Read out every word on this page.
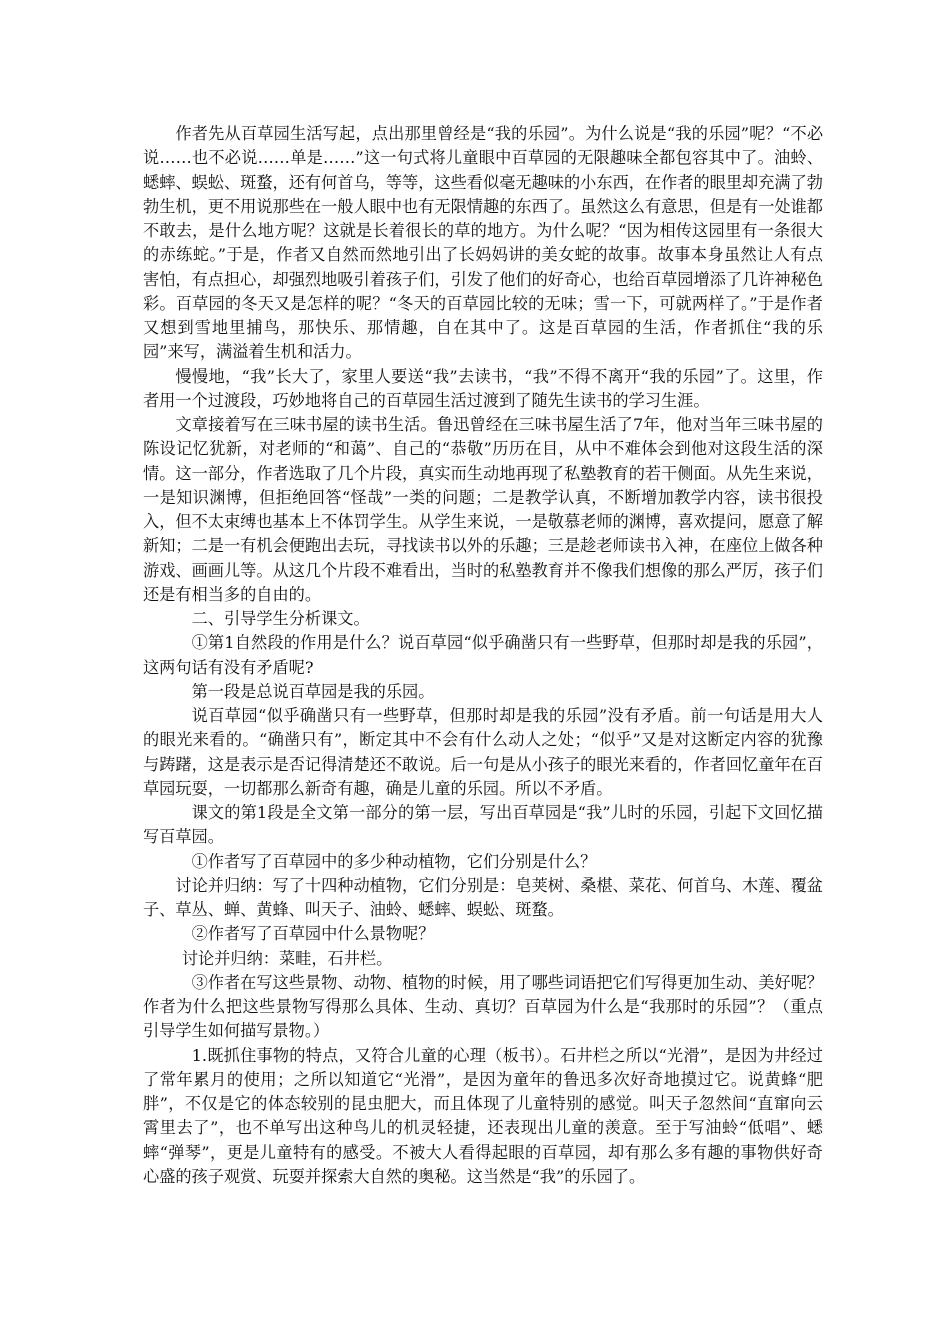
作者先从百草园生活写起，点出那里曾经是“我的乐园”。为什么说是“我的乐园”呢？“不必说……也不必说……单是……”这一句式将儿童眼中百草园的无限趣味全都包容其中了。油蛉、蟋蟀、蜈蚣、斑蝥，还有何首乌，等等，这些看似毫无趣味的小东西，在作者的眼里却充满了勃勃生机，更不用说那些在一般人眼中也有无限情趣的东西了。虽然这么有意思，但是有一处谁都不敢去，是什么地方呢？这就是长着很长的草的地方。为什么呢？“因为相传这园里有一条很大的赤练蛇。”于是，作者又自然而然地引出了长妈妈讲的美女蛇的故事。故事本身虽然让人有点害怕，有点担心，却强烈地吸引着孩子们，引发了他们的好奇心，也给百草园增添了几许神秘色彩。百草园的冬天又是怎样的呢？“冬天的百草园比较的无味；雪一下，可就两样了。”于是作者又想到雪地里捕鸟，那快乐、那情趣，自在其中了。这是百草园的生活，作者抓住“我的乐园”来写，满溢着生机和活力。

慢慢地，“我”长大了，家里人要送“我”去读书，“我”不得不离开“我的乐园”了。这里，作者用一个过渡段，巧妙地将自己的百草园生活过渡到了随先生读书的学习生涯。

文章接着写在三味书屋的读书生活。鲁迅曾经在三味书屋生活了7年，他对当年三味书屋的陈设记忆犹新，对老师的“和蔼”、自己的“恭敬”历历在目，从中不难体会到他对这段生活的深情。这一部分，作者选取了几个片段，真实而生动地再现了私塾教育的若干侧面。从先生来说，一是知识渊博，但拒绝回答“怪哉”一类的问题；二是教学认真，不断增加教学内容，读书很投入，但不太束缚也基本上不体罚学生。从学生来说，一是敬慕老师的渊博，喜欢提问，愿意了解新知；二是一有机会便跑出去玩，寻找读书以外的乐趣；三是趁老师读书入神，在座位上做各种游戏、画画儿等。从这几个片段不难看出，当时的私塾教育并不像我们想像的那么严厉，孩子们还是有相当多的自由的。

二、引导学生分析课文。

①第1自然段的作用是什么？说百草园“似乎确凿只有一些野草，但那时却是我的乐园”，这两句话有没有矛盾呢?

第一段是总说百草园是我的乐园。

说百草园“似乎确凿只有一些野草，但那时却是我的乐园”没有矛盾。前一句话是用大人的眼光来看的。“确凿只有”，断定其中不会有什么动人之处；“似乎”又是对这断定内容的犹豫与踌躇，这是表示是否记得清楚还不敢说。后一句是从小孩子的眼光来看的，作者回忆童年在百草园玩耍，一切都那么新奇有趣，确是儿童的乐园。所以不矛盾。

课文的第1段是全文第一部分的第一层，写出百草园是“我”儿时的乐园，引起下文回忆描写百草园。

①作者写了百草园中的多少种动植物，它们分别是什么？

讨论并归纳：写了十四种动植物，它们分别是：皂荚树、桑椹、菜花、何首乌、木莲、覆盆子、草丛、蝉、黄蜂、叫天子、油蛉、蟋蟀、蜈蚣、斑蝥。

②作者写了百草园中什么景物呢？

讨论并归纳：菜畦，石井栏。

③作者在写这些景物、动物、植物的时候，用了哪些词语把它们写得更加生动、美好呢？作者为什么把这些景物写得那么具体、生动、真切？百草园为什么是“我那时的乐园”？（重点引导学生如何描写景物。）

1.既抓住事物的特点，又符合儿童的心理（板书）。石井栏之所以“光滑”，是因为井经过了常年累月的使用；之所以知道它“光滑”，是因为童年的鲁迅多次好奇地摸过它。说黄蜂“肥胖”，不仅是它的体态较别的昆虫肥大，而且体现了儿童特别的感觉。叫天子忽然间“直窜向云霄里去了”，也不单写出这种鸟儿的机灵轻捷，还表现出儿童的羡意。至于写油蛉“低唱”、蟋蟀“弹琴”，更是儿童特有的感受。不被大人看得起眼的百草园，却有那么多有趣的事物供好奇心盛的孩子观赏、玩耍并探索大自然的奥秘。这当然是“我”的乐园了。
